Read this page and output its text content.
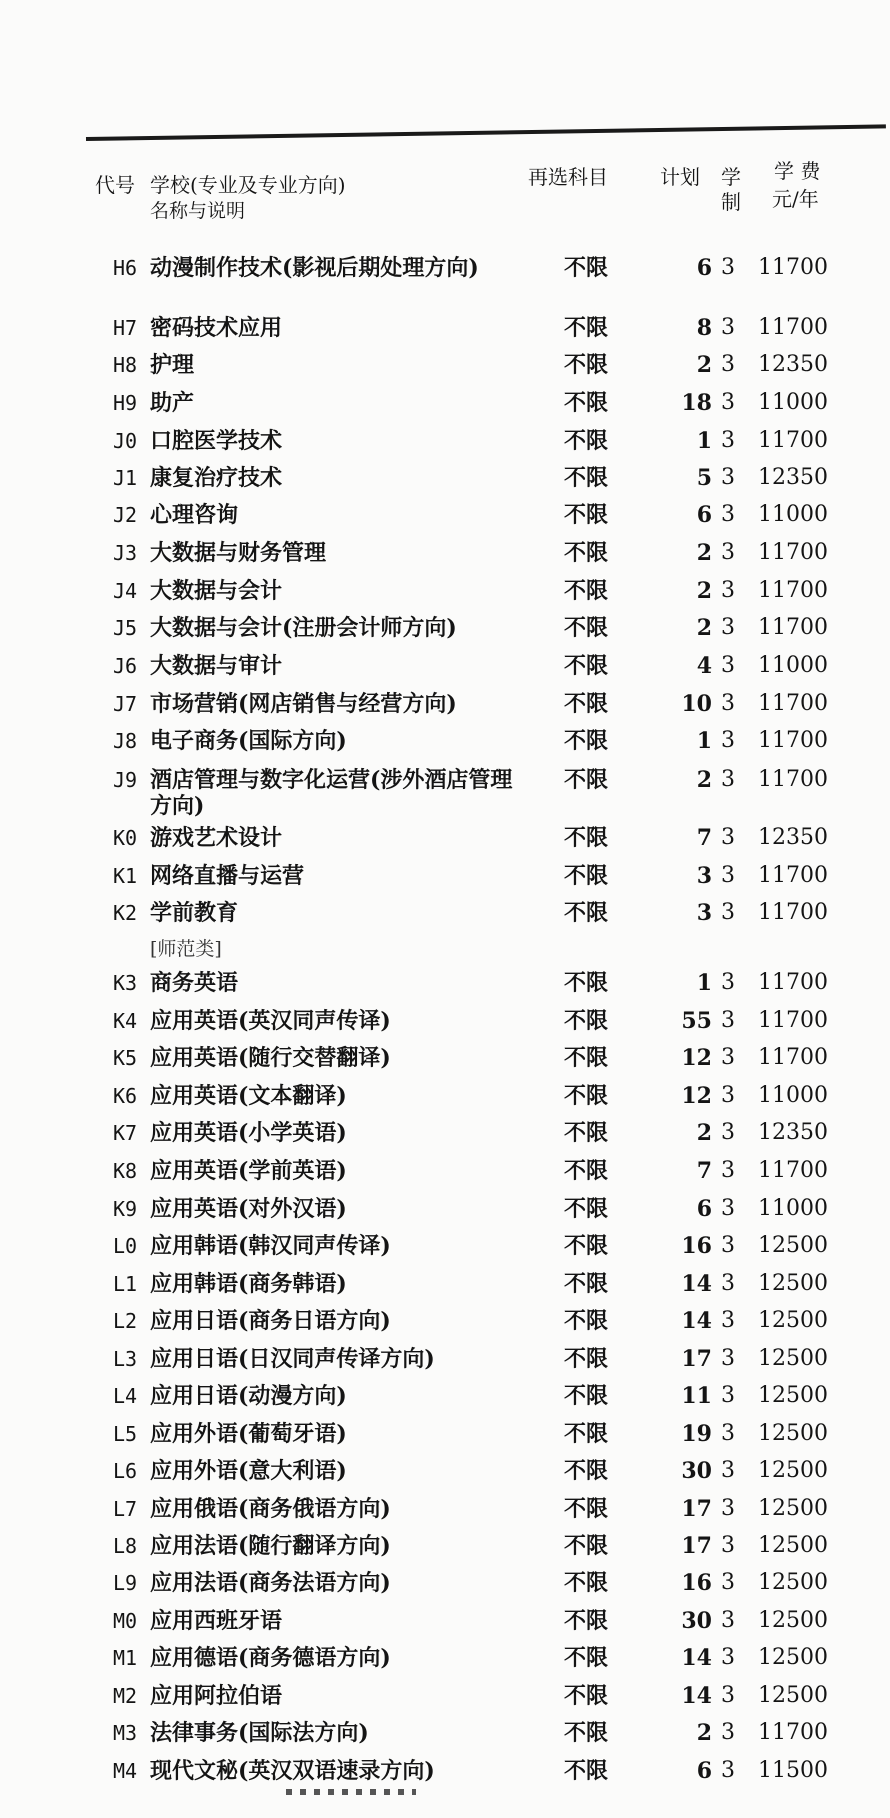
代号 学校(专业及专业方向)
名称与说明
再选科目	计划 学
制
学 费
元/年
H6 动漫制作技术(影视后期处理方向)	不限	6 3 11700
H7 密码技术应用	不限	8 3 11700
H8 护理	不限	2 3 12350
H9 助产	不限	18 3 11000
J0 口腔医学技术	不限	1 3 11700
J1 康复治疗技术	不限	5 3 12350
J2 心理咨询	不限	6 3 11000
J3 大数据与财务管理	不限	2 3 11700
J4 大数据与会计	不限	2 3 11700
J5 大数据与会计(注册会计师方向)	不限	2 3 11700
J6 大数据与审计	不限	4 3 11000
J7 市场营销(网店销售与经营方向)	不限	10 3 11700
J8 电子商务(国际方向)	不限	1 3 11700
J9 酒店管理与数字化运营(涉外酒店管理方向)
不限	2 3 11700
K0 游戏艺术设计	不限	7 3 12350
K1 网络直播与运营	不限	3 3 11700
K2 学前教育	不限	3 3 11700
[师范类]
K3 商务英语	不限	1 3 11700
K4 应用英语(英汉同声传译)	不限	55 3 11700
K5 应用英语(随行交替翻译)	不限	12 3 11700
K6 应用英语(文本翻译)	不限	12 3 11000
K7 应用英语(小学英语)	不限	2 3 12350
K8 应用英语(学前英语)	不限	7 3 11700
K9 应用英语(对外汉语)	不限	6 3 11000
L0 应用韩语(韩汉同声传译)	不限	16 3 12500
L1 应用韩语(商务韩语)	不限	14 3 12500
L2 应用日语(商务日语方向)	不限	14 3 12500
L3 应用日语(日汉同声传译方向)	不限	17 3 12500
L4 应用日语(动漫方向)	不限	11 3 12500
L5 应用外语(葡萄牙语)	不限	19 3 12500
L6 应用外语(意大利语)	不限	30 3 12500
L7 应用俄语(商务俄语方向)	不限	17 3 12500
L8 应用法语(随行翻译方向)	不限	17 3 12500
L9 应用法语(商务法语方向)	不限	16 3 12500
M0 应用西班牙语	不限	30 3 12500
M1 应用德语(商务德语方向)	不限	14 3 12500
M2 应用阿拉伯语	不限	14 3 12500
M3 法律事务(国际法方向)	不限	2 3 11700
M4 现代文秘(英汉双语速录方向)	不限	6 3 11500
